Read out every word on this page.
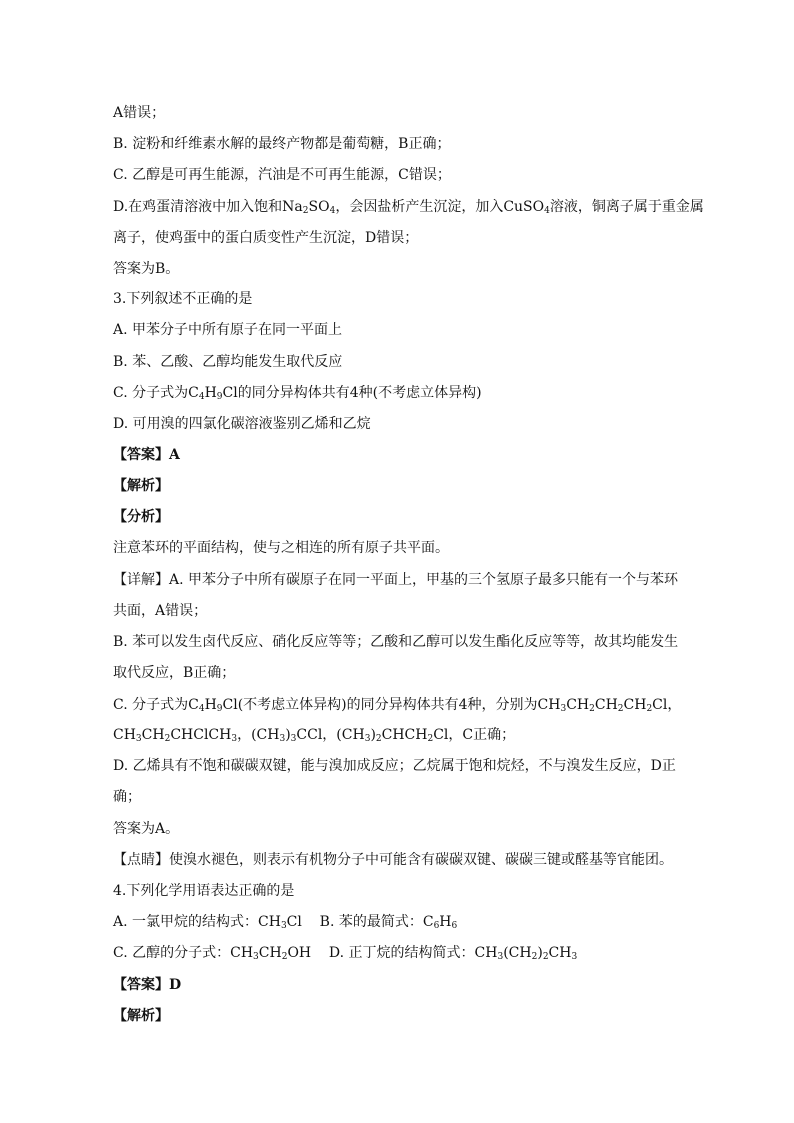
A错误；
B. 淀粉和纤维素水解的最终产物都是葡萄糖，B正确；
C. 乙醇是可再生能源，汽油是不可再生能源，C错误；
D.在鸡蛋清溶液中加入饱和$Na_2SO_4$，会因盐析产生沉淀，加入CuSO$_4$溶液，铜离子属于重金属
离子，使鸡蛋中的蛋白质变性产生沉淀，D错误；
答案为B。
3.下列叙述不正确的是
A. 甲苯分子中所有原子在同一平面上
B. 苯、乙酸、乙醇均能发生取代反应
C. 分子式为$C_4H_9Cl$的同分异构体共有4种(不考虑立体异构)
D. 可用溴的四氯化碳溶液鉴别乙烯和乙烷
【答案】A
【解析】
【分析】
注意苯环的平面结构，使与之相连的所有原子共平面。
【详解】A. 甲苯分子中所有碳原子在同一平面上，甲基的三个氢原子最多只能有一个与苯环
共面，A错误；
B. 苯可以发生卤代反应、硝化反应等等；乙酸和乙醇可以发生酯化反应等等，故其均能发生
取代反应，B正确；
C. 分子式为$C_4H_9Cl$(不考虑立体异构)的同分异构体共有4种，分别为$CH_3CH_2CH_2CH_2Cl$，
$CH_3CH_2CHClCH_3$，$(CH_3)_3CCl$，$(CH_3)_2CHCH_2Cl$，C正确；
D. 乙烯具有不饱和碳碳双键，能与溴加成反应；乙烷属于饱和烷烃，不与溴发生反应，D正
确；
答案为A。
【点睛】使溴水褪色，则表示有机物分子中可能含有碳碳双键、碳碳三键或醛基等官能团。
4.下列化学用语表达正确的是
A. 一氯甲烷的结构式：$CH_3Cl$    B. 苯的最简式：$C_6H_6$
C. 乙醇的分子式：$CH_3CH_2OH$    D. 正丁烷的结构简式：$CH_3(CH_2)_2CH_3$
【答案】D
【解析】
